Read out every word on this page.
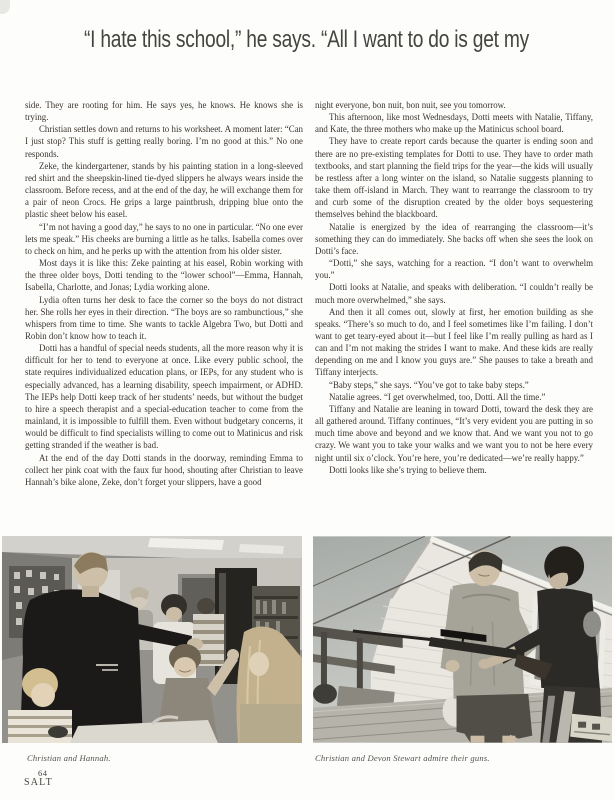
“I hate this school,” he says. “All I want to do is get my

side. They are rooting for him. He says yes, he knows. He knows she is trying.

Christian settles down and returns to his worksheet. A moment later: “Can I just stop? This stuff is getting really boring. I’m no good at this.” No one responds.

Zeke, the kindergartener, stands by his painting station in a long-sleeved red shirt and the sheepskin-lined tie-dyed slippers he always wears inside the classroom. Before recess, and at the end of the day, he will exchange them for a pair of neon Crocs. He grips a large paintbrush, dripping blue onto the plastic sheet below his easel.

“I’m not having a good day,” he says to no one in particular. “No one ever lets me speak.” His cheeks are burning a little as he talks. Isabella comes over to check on him, and he perks up with the attention from his older sister.

Most days it is like this: Zeke painting at his easel, Robin working with the three older boys, Dotti tending to the “lower school”—Emma, Hannah, Isabella, Charlotte, and Jonas; Lydia working alone.

Lydia often turns her desk to face the corner so the boys do not distract her. She rolls her eyes in their direction. “The boys are so rambunctious,” she whispers from time to time. She wants to tackle Algebra Two, but Dotti and Robin don’t know how to teach it.

Dotti has a handful of special needs students, all the more reason why it is difficult for her to tend to everyone at once. Like every public school, the state requires individualized education plans, or IEPs, for any student who is especially advanced, has a learning disability, speech impairment, or ADHD. The IEPs help Dotti keep track of her students’ needs, but without the budget to hire a speech therapist and a special-education teacher to come from the mainland, it is impossible to fulfill them. Even without budgetary concerns, it would be difficult to find specialists willing to come out to Matinicus and risk getting stranded if the weather is bad.

At the end of the day Dotti stands in the doorway, reminding Emma to collect her pink coat with the faux fur hood, shouting after Christian to leave Hannah’s bike alone, Zeke, don’t forget your slippers, have a good

night everyone, bon nuit, bon nuit, see you tomorrow.

This afternoon, like most Wednesdays, Dotti meets with Natalie, Tiffany, and Kate, the three mothers who make up the Matinicus school board.

They have to create report cards because the quarter is ending soon and there are no pre-existing templates for Dotti to use. They have to order math textbooks, and start planning the field trips for the year—the kids will usually be restless after a long winter on the island, so Natalie suggests planning to take them off-island in March. They want to rearrange the classroom to try and curb some of the disruption created by the older boys sequestering themselves behind the blackboard.

Natalie is energized by the idea of rearranging the classroom—it’s something they can do immediately. She backs off when she sees the look on Dotti’s face.

“Dotti,” she says, watching for a reaction. “I don’t want to overwhelm you.”

Dotti looks at Natalie, and speaks with deliberation. “I couldn’t really be much more overwhelmed,” she says.

And then it all comes out, slowly at first, her emotion building as she speaks. “There’s so much to do, and I feel sometimes like I’m failing. I don’t want to get teary-eyed about it—but I feel like I’m really pulling as hard as I can and I’m not making the strides I want to make. And these kids are really depending on me and I know you guys are.” She pauses to take a breath and Tiffany interjects.

“Baby steps,” she says. “You’ve got to take baby steps.”

Natalie agrees. “I get overwhelmed, too, Dotti. All the time.”

Tiffany and Natalie are leaning in toward Dotti, toward the desk they are all gathered around. Tiffany continues, “It’s very evident you are putting in so much time above and beyond and we know that. And we want you not to go crazy. We want you to take your walks and we want you to not be here every night until six o’clock. You’re here, you’re dedicated—we’re really happy.”

Dotti looks like she’s trying to believe them.

Christian and Hannah.	Christian and Devon Stewart admire their guns.
64
SALT
